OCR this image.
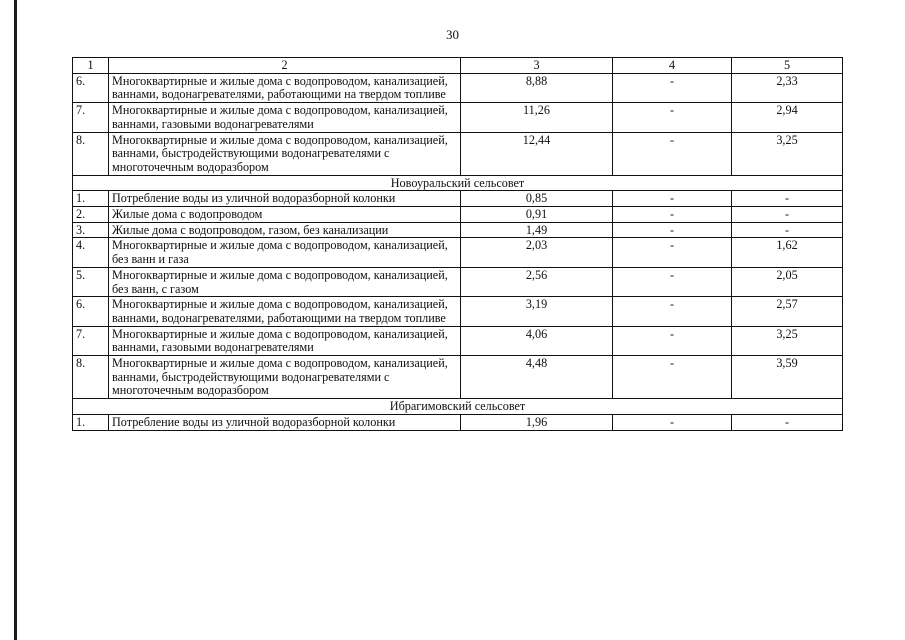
30
1	2	3	4	5
6.	Многоквартирные и жилые дома с водопроводом, канализацией, ваннами, водонагревателями, работающими на твердом топливе	8,88	-	2,33
7.	Многоквартирные и жилые дома с водопроводом, канализацией, ваннами, газовыми водонагревателями	11,26	-	2,94
8.	Многоквартирные и жилые дома с водопроводом, канализацией, ваннами, быстродействующими водонагревателями с многоточечным водоразбором	12,44	-	3,25
Новоуральский сельсовет				
1.	Потребление воды из уличной водоразборной колонки	0,85	-	-
2.	Жилые дома с водопроводом	0,91	-	-
3.	Жилые дома с водопроводом, газом, без канализации	1,49	-	-
4.	Многоквартирные и жилые дома с водопроводом, канализацией, без ванн и газа	2,03	-	1,62
5.	Многоквартирные и жилые дома с водопроводом, канализацией, без ванн, с газом	2,56	-	2,05
6.	Многоквартирные и жилые дома с водопроводом, канализацией, ваннами, водонагревателями, работающими на твердом топливе	3,19	-	2,57
7.	Многоквартирные и жилые дома с водопроводом, канализацией, ваннами, газовыми водонагревателями	4,06	-	3,25
8.	Многоквартирные и жилые дома с водопроводом, канализацией, ваннами, быстродействующими водонагревателями с многоточечным водоразбором	4,48	-	3,59
Ибрагимовский сельсовет				
1.	Потребление воды из уличной водоразборной колонки	1,96	-	-
